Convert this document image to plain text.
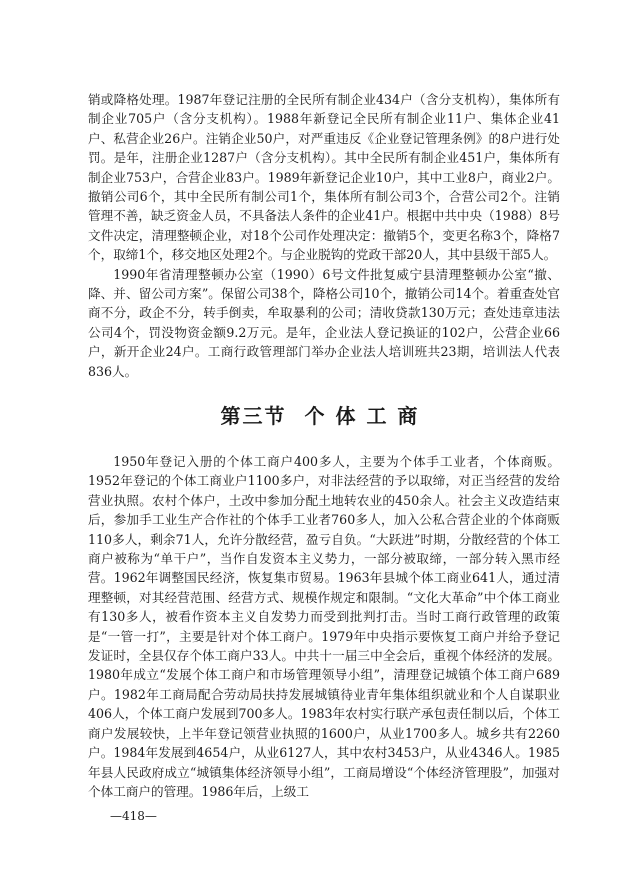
销或降格处理。1987年登记注册的全民所有制企业434户（含分支机构），集体所有制企业705户（含分支机构）。1988年新登记全民所有制企业11户、集体企业41户、私营企业26户。注销企业50户，对严重违反《企业登记管理条例》的8户进行处罚。是年，注册企业1287户（含分支机构）。其中全民所有制企业451户，集体所有制企业753户，合营企业83户。1989年新登记企业10户，其中工业8户，商业2户。撤销公司6个，其中全民所有制公司1个，集体所有制公司3个，合营公司2个。注销管理不善，缺乏资金人员，不具备法人条件的企业41户。根据中共中央（1988）8号文件决定，清理整顿企业，对18个公司作处理决定：撤销5个，变更名称3个，降格7个，取缔1个，移交地区处理2个。与企业脱钩的党政干部20人，其中县级干部5人。

1990年省清理整顿办公室（1990）6号文件批复威宁县清理整顿办公室“撤、降、并、留公司方案”。保留公司38个，降格公司10个，撤销公司14个。着重查处官商不分，政企不分，转手倒卖，牟取暴利的公司；清收贷款130万元；查处违章违法公司4个，罚没物资金额9.2万元。是年，企业法人登记换证的102户，公营企业66户，新开企业24户。工商行政管理部门举办企业法人培训班共23期，培训法人代表836人。

第三节 个 体 工 商

1950年登记入册的个体工商户400多人，主要为个体手工业者，个体商贩。1952年登记的个体工商业户1100多户，对非法经营的予以取缔，对正当经营的发给营业执照。农村个体户，土改中参加分配土地转农业的450余人。社会主义改造结束后，参加手工业生产合作社的个体手工业者760多人，加入公私合营企业的个体商贩110多人，剩余71人，允许分散经营，盈亏自负。“大跃进”时期，分散经营的个体工商户被称为“单干户”，当作自发资本主义势力，一部分被取缔，一部分转入黑市经营。1962年调整国民经济，恢复集市贸易。1963年县城个体工商业641人，通过清理整顿，对其经营范围、经营方式、规模作规定和限制。“文化大革命”中个体工商业有130多人，被看作资本主义自发势力而受到批判打击。当时工商行政管理的政策是“一管一打”，主要是针对个体工商户。1979年中央指示要恢复工商户并给予登记发证时，全县仅存个体工商户33人。中共十一届三中全会后，重视个体经济的发展。1980年成立“发展个体工商户和市场管理领导小组”，清理登记城镇个体工商户689户。1982年工商局配合劳动局扶持发展城镇待业青年集体组织就业和个人自谋职业406人，个体工商户发展到700多人。1983年农村实行联产承包责任制以后，个体工商户发展较快，上半年登记领营业执照的1600户，从业1700多人。城乡共有2260户。1984年发展到4654户，从业6127人，其中农村3453户，从业4346人。1985年县人民政府成立“城镇集体经济领导小组”，工商局增设“个体经济管理股”，加强对个体工商户的管理。1986年后，上级工

—418—
